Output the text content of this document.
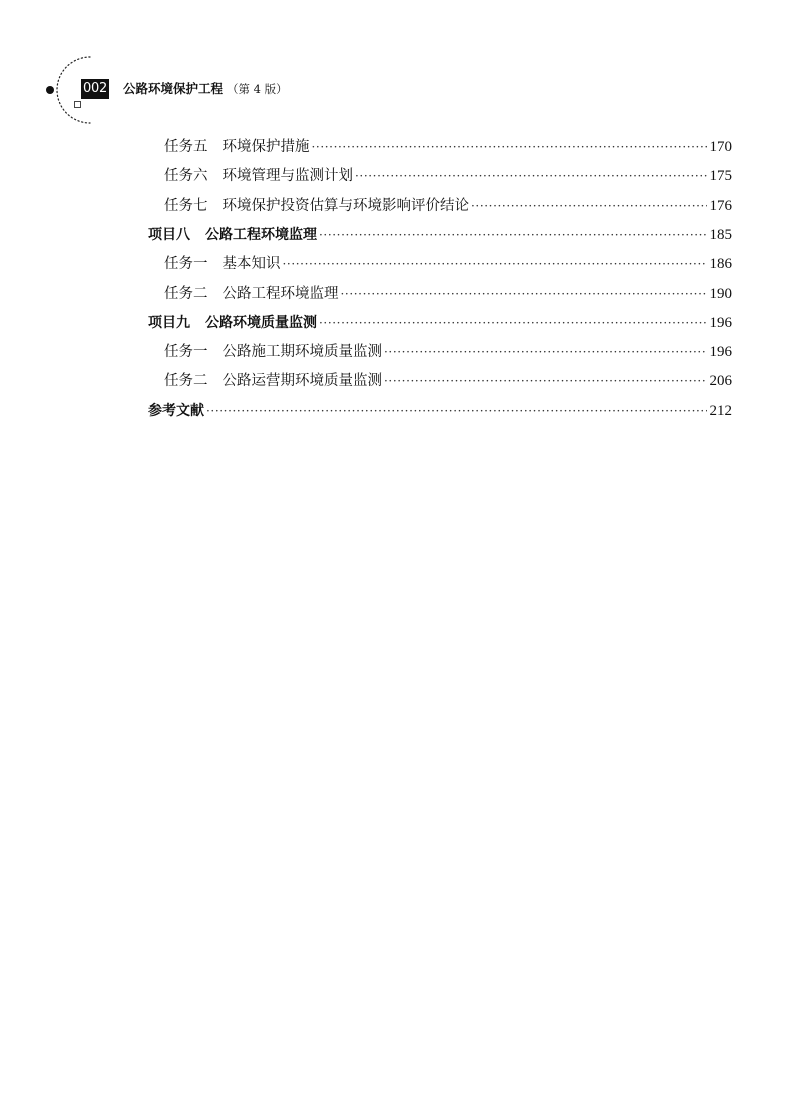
002 公路环境保护工程 （第 4 版）
任务五 环境保护措施 ·····	170
任务六 环境管理与监测计划 ·····	175
任务七 环境保护投资估算与环境影响评价结论 ·····	176
项目八 公路工程环境监理 ·····	185
任务一 基本知识 ·····	186
任务二 公路工程环境监理 ·····	190
项目九 公路环境质量监测 ·····	196
任务一 公路施工期环境质量监测 ·····	196
任务二 公路运营期环境质量监测 ·····	206
参考文献 ·····	212
